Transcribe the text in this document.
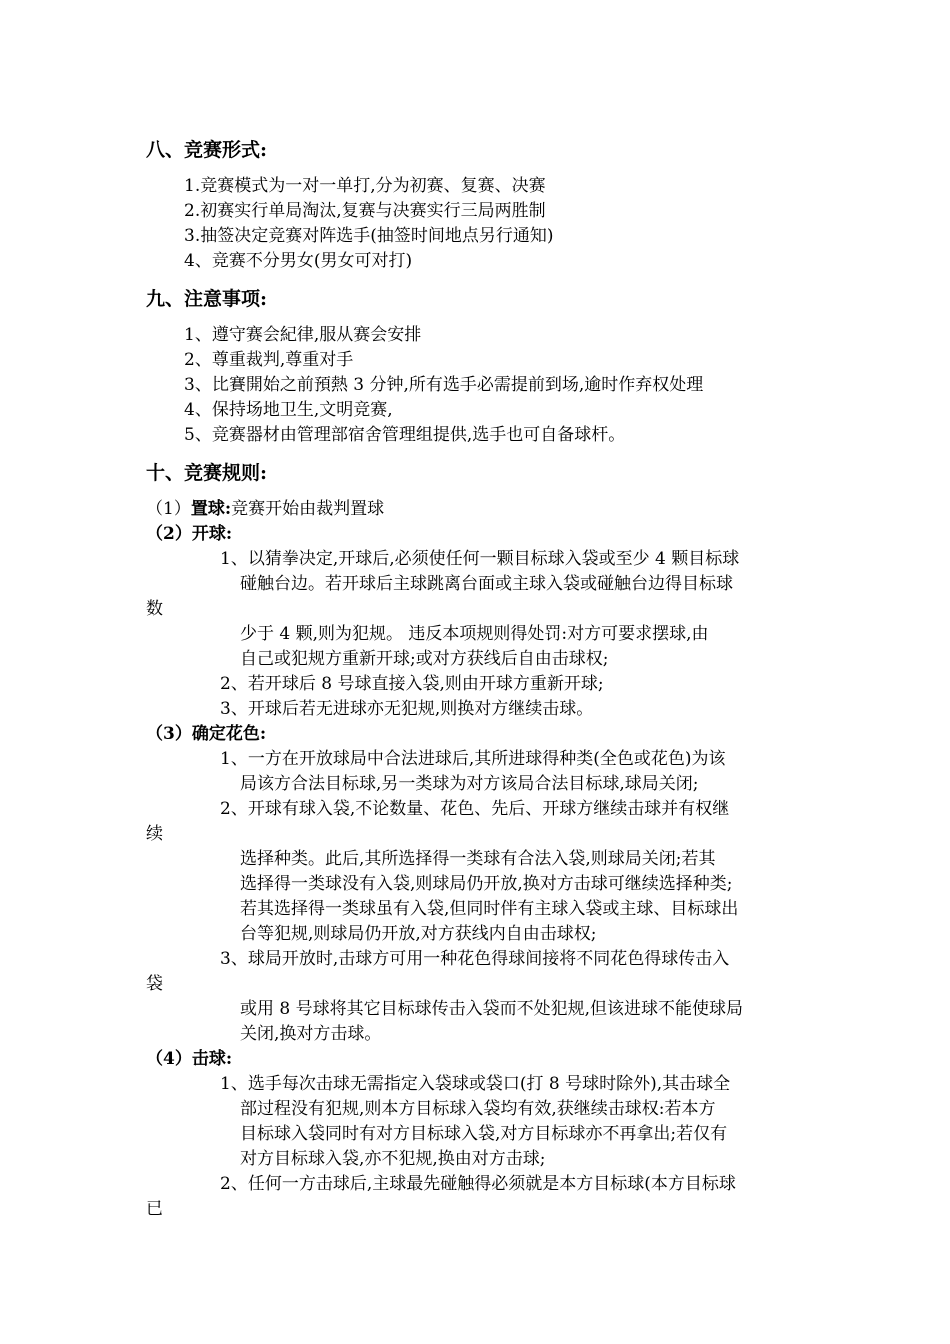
八、竞赛形式:
1.竞赛模式为一对一单打,分为初赛、复赛、决赛
2.初赛实行单局淘汰,复赛与决赛实行三局两胜制
3.抽签决定竞赛对阵选手(抽签时间地点另行通知)
4、竞赛不分男女(男女可对打)
九、注意事项:
1、遵守赛会紀律,服从赛会安排
2、尊重裁判,尊重对手
3、比賽開始之前預熱 3 分钟,所有选手必需提前到场,逾时作弃权处理
4、保持场地卫生,文明竞赛,
5、竞赛器材由管理部宿舍管理组提供,选手也可自备球杆。
十、竞赛规则:
（1）置球:竞赛开始由裁判置球
（2）开球:
1、以猜拳决定,开球后,必须使任何一颗目标球入袋或至少 4 颗目标球
碰触台边。若开球后主球跳离台面或主球入袋或碰触台边得目标球
数
少于 4 颗,则为犯规。 违反本项规则得处罚:对方可要求摆球,由
自己或犯规方重新开球;或对方获线后自由击球权;
2、若开球后 8 号球直接入袋,则由开球方重新开球;
3、开球后若无进球亦无犯规,则换对方继续击球。
（3）确定花色:
1、一方在开放球局中合法进球后,其所进球得种类(全色或花色)为该
局该方合法目标球,另一类球为对方该局合法目标球,球局关闭;
2、开球有球入袋,不论数量、花色、先后、开球方继续击球并有权继
续
选择种类。此后,其所选择得一类球有合法入袋,则球局关闭;若其
选择得一类球没有入袋,则球局仍开放,换对方击球可继续选择种类;
若其选择得一类球虽有入袋,但同时伴有主球入袋或主球、目标球出
台等犯规,则球局仍开放,对方获线内自由击球权;
3、球局开放时,击球方可用一种花色得球间接将不同花色得球传击入
袋
或用 8 号球将其它目标球传击入袋而不处犯规,但该进球不能使球局
关闭,换对方击球。
（4）击球:
1、选手每次击球无需指定入袋球或袋口(打 8 号球时除外),其击球全
部过程没有犯规,则本方目标球入袋均有效,获继续击球权:若本方
目标球入袋同时有对方目标球入袋,对方目标球亦不再拿出;若仅有
对方目标球入袋,亦不犯规,换由对方击球;
2、任何一方击球后,主球最先碰触得必须就是本方目标球(本方目标球
已
